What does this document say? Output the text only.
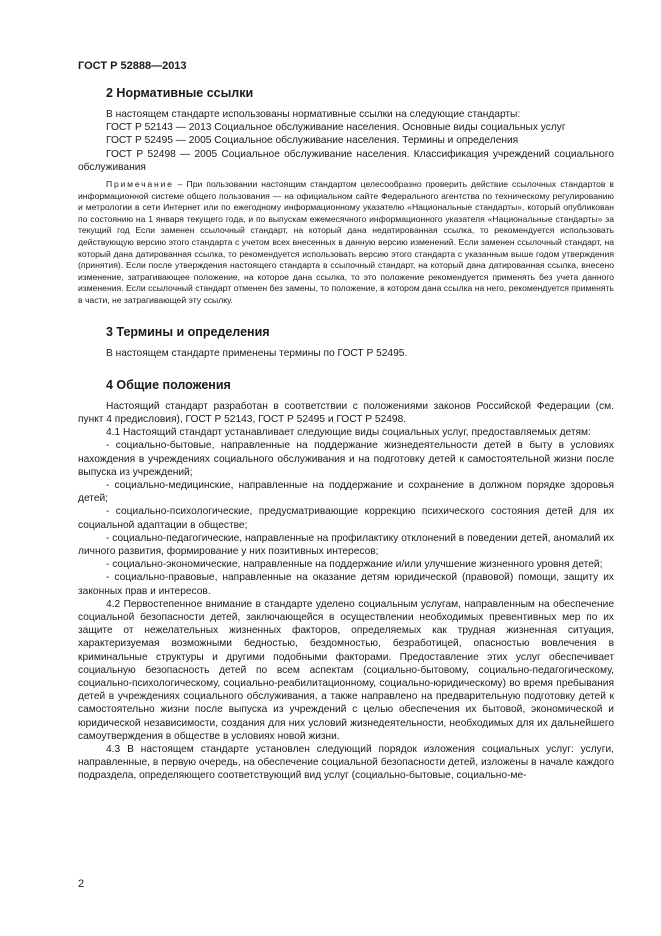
ГОСТ Р 52888—2013
2 Нормативные ссылки

В настоящем стандарте использованы нормативные ссылки на следующие стандарты:

ГОСТ Р 52143 — 2013 Социальное обслуживание населения. Основные виды социальных услуг

ГОСТ Р 52495 — 2005 Социальное обслуживание населения. Термины и определения

ГОСТ Р 52498 — 2005 Социальное обслуживание населения. Классификация учреждений социального обслуживания

Примечание – При пользовании настоящим стандартом целесообразно проверить действие ссылочных стандартов в информационной системе общего пользования — на официальном сайте Федерального агентства по техническому регулированию и метрологии в сети Интернет или по ежегодному информационному указателю «Национальные стандарты», который опубликован по состоянию на 1 января текущего года, и по выпускам ежемесячного информационного указателя «Национальные стандарты» за текущий год Если заменен ссылочный стандарт, на который дана недатированная ссылка, то рекомендуется использовать действующую версию этого стандарта с учетом всех внесенных в данную версию изменений. Если заменен ссылочный стандарт, на который дана датированная ссылка, то рекомендуется использовать версию этого стандарта с указанным выше годом утверждения (принятия). Если после утверждения настоящего стандарта в ссылочный стандарт, на который дана датированная ссылка, внесено изменение, затрагивающее положение, на которое дана ссылка, то это положение рекомендуется применять без учета данного изменения. Если ссылочный стандарт отменен без замены, то положение, в котором дана ссылка на него, рекомендуется применять в части, не затрагивающей эту ссылку.

3 Термины и определения

В настоящем стандарте применены термины по ГОСТ Р 52495.

4 Общие положения

Настоящий стандарт разработан в соответствии с положениями законов Российской Федерации (см. пункт 4 предисловия), ГОСТ Р 52143, ГОСТ Р 52495 и ГОСТ Р 52498.

4.1 Настоящий стандарт устанавливает следующие виды социальных услуг, предоставляемых детям:

- социально-бытовые, направленные на поддержание жизнедеятельности детей в быту в условиях нахождения в учреждениях социального обслуживания и на подготовку детей к самостоятельной жизни после выпуска из учреждений;

- социально-медицинские, направленные на поддержание и сохранение в должном порядке здоровья детей;

- социально-психологические, предусматривающие коррекцию психического состояния детей для их социальной адаптации в обществе;

- социально-педагогические, направленные на профилактику отклонений в поведении детей, аномалий их личного развития, формирование у них позитивных интересов;

- социально-экономические, направленные на поддержание и/или улучшение жизненного уровня детей;

- социально-правовые, направленные на оказание детям юридической (правовой) помощи, защиту их законных прав и интересов.

4.2 Первостепенное внимание в стандарте уделено социальным услугам, направленным на обеспечение социальной безопасности детей, заключающейся в осуществлении необходимых превентивных мер по их защите от нежелательных жизненных факторов, определяемых как трудная жизненная ситуация, характеризуемая возможными бедностью, бездомностью, безработицей, опасностью вовлечения в криминальные структуры и другими подобными факторами. Предоставление этих услуг обеспечивает социальную безопасность детей по всем аспектам (социально-бытовому, социально-педагогическому, социально-психологическому, социально-реабилитационному, социально-юридическому) во время пребывания детей в учреждениях социального обслуживания, а также направлено на предварительную подготовку детей к самостоятельно жизни после выпуска из учреждений с целью обеспечения их бытовой, экономической и юридической независимости, создания для них условий жизнедеятельности, необходимых для их дальнейшего самоутверждения в обществе в условиях новой жизни.

4.3 В настоящем стандарте установлен следующий порядок изложения социальных услуг: услуги, направленные, в первую очередь, на обеспечение социальной безопасности детей, изложены в начале каждого подраздела, определяющего соответствующий вид услуг (социально-бытовые, социально-ме-

2
